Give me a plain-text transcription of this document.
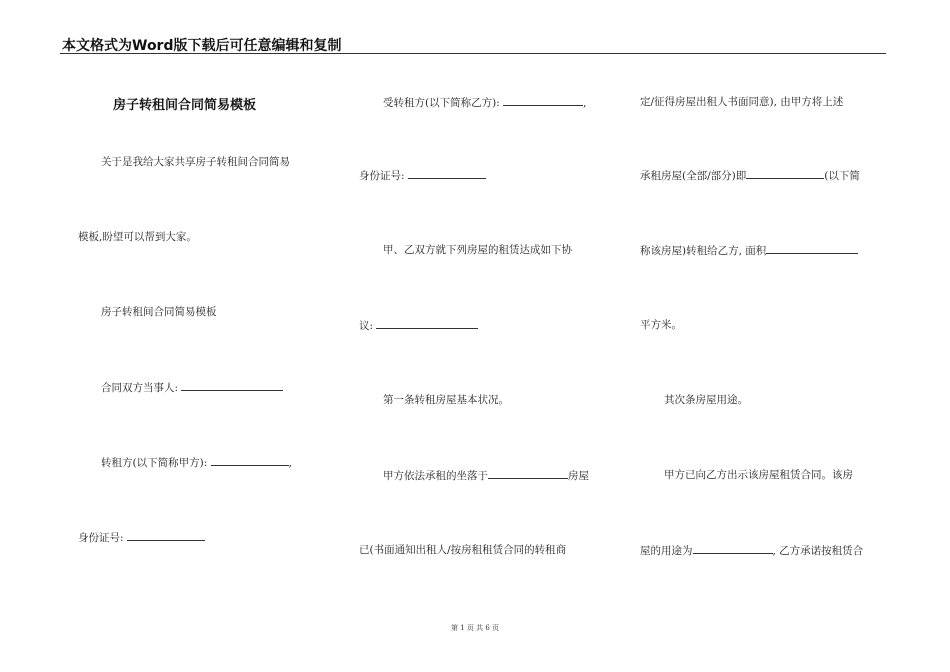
本文格式为Word版下载后可任意编辑和复制
房子转租间合同简易模板
关于是我给大家共享房子转租间合同简易
模板,盼望可以帮到大家。
房子转租间合同简易模板
合同双方当事人:
转租方(以下简称甲方):	,
身份证号:
受转租方(以下简称乙方):	,
身份证号:
甲、乙双方就下列房屋的租赁达成如下协
议:
第一条转租房屋基本状况。
甲方依法承租的坐落于	房屋
已(书面通知出租人/按房租租赁合同的转租商
定/征得房屋出租人书面同意), 由甲方将上述
承租房屋(全部/部分)即	(以下简
称该房屋)转租给乙方, 面积
平方米。
其次条房屋用途。
甲方已向乙方出示该房屋租赁合同。该房
屋的用途为	, 乙方承诺按租赁合
第 1 页 共 6 页
